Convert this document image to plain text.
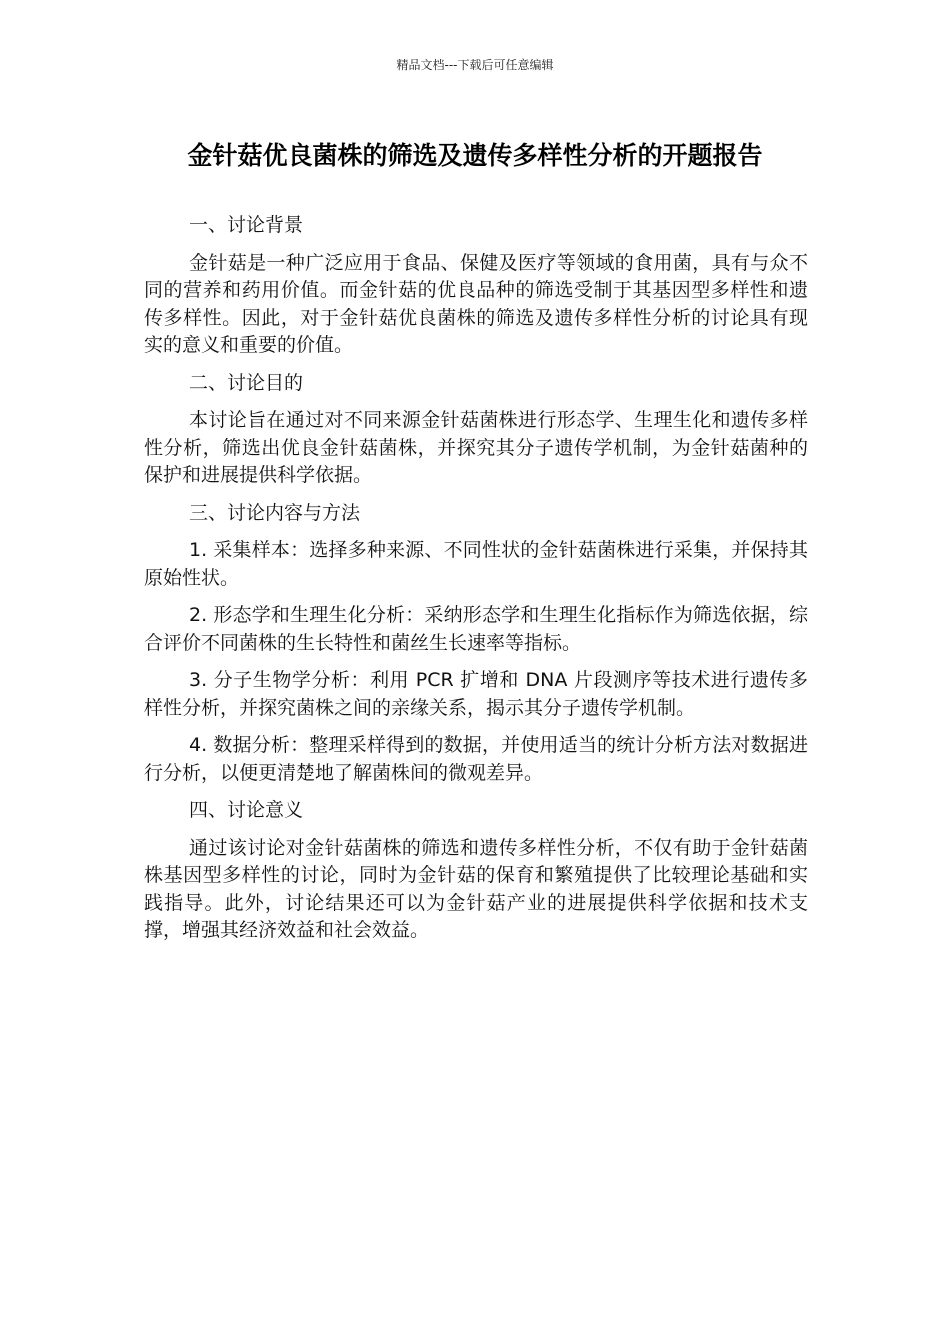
精品文档---下载后可任意编辑
金针菇优良菌株的筛选及遗传多样性分析的开题报告
一、讨论背景
金针菇是一种广泛应用于食品、保健及医疗等领域的食用菌，具有与众不同的营养和药用价值。而金针菇的优良品种的筛选受制于其基因型多样性和遗传多样性。因此，对于金针菇优良菌株的筛选及遗传多样性分析的讨论具有现实的意义和重要的价值。
二、讨论目的
本讨论旨在通过对不同来源金针菇菌株进行形态学、生理生化和遗传多样性分析，筛选出优良金针菇菌株，并探究其分子遗传学机制，为金针菇菌种的保护和进展提供科学依据。
三、讨论内容与方法
1. 采集样本：选择多种来源、不同性状的金针菇菌株进行采集，并保持其原始性状。
2. 形态学和生理生化分析：采纳形态学和生理生化指标作为筛选依据，综合评价不同菌株的生长特性和菌丝生长速率等指标。
3. 分子生物学分析：利用 PCR 扩增和 DNA 片段测序等技术进行遗传多样性分析，并探究菌株之间的亲缘关系，揭示其分子遗传学机制。
4. 数据分析：整理采样得到的数据，并使用适当的统计分析方法对数据进行分析，以便更清楚地了解菌株间的微观差异。
四、讨论意义
通过该讨论对金针菇菌株的筛选和遗传多样性分析，不仅有助于金针菇菌株基因型多样性的讨论，同时为金针菇的保育和繁殖提供了比较理论基础和实践指导。此外，讨论结果还可以为金针菇产业的进展提供科学依据和技术支撑，增强其经济效益和社会效益。
